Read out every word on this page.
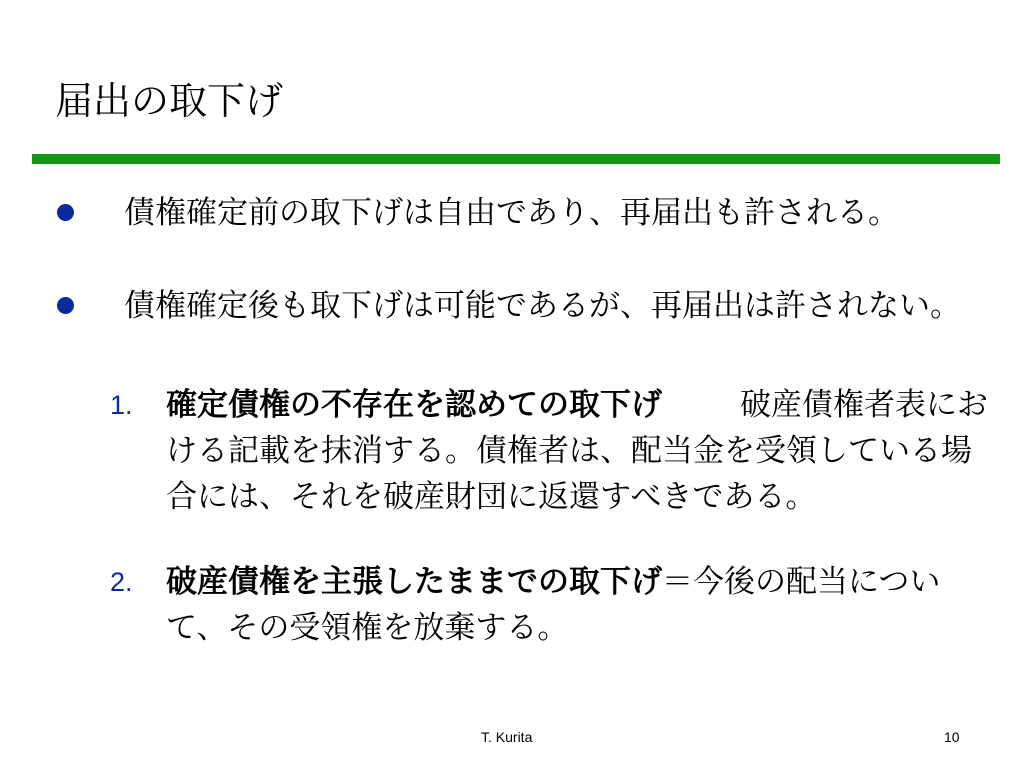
届出の取下げ
債権確定前の取下げは自由であり、再届出も許される。
債権確定後も取下げは可能であるが、再届出は許されない。
1.	確定債権の不存在を認めての取下げ	破産債権者表における記載を抹消する。債権者は、配当金を受領している場合には、それを破産財団に返還すべきである。
2.	破産債権を主張したままでの取下げ＝今後の配当について、その受領権を放棄する。
T. Kurita	10
